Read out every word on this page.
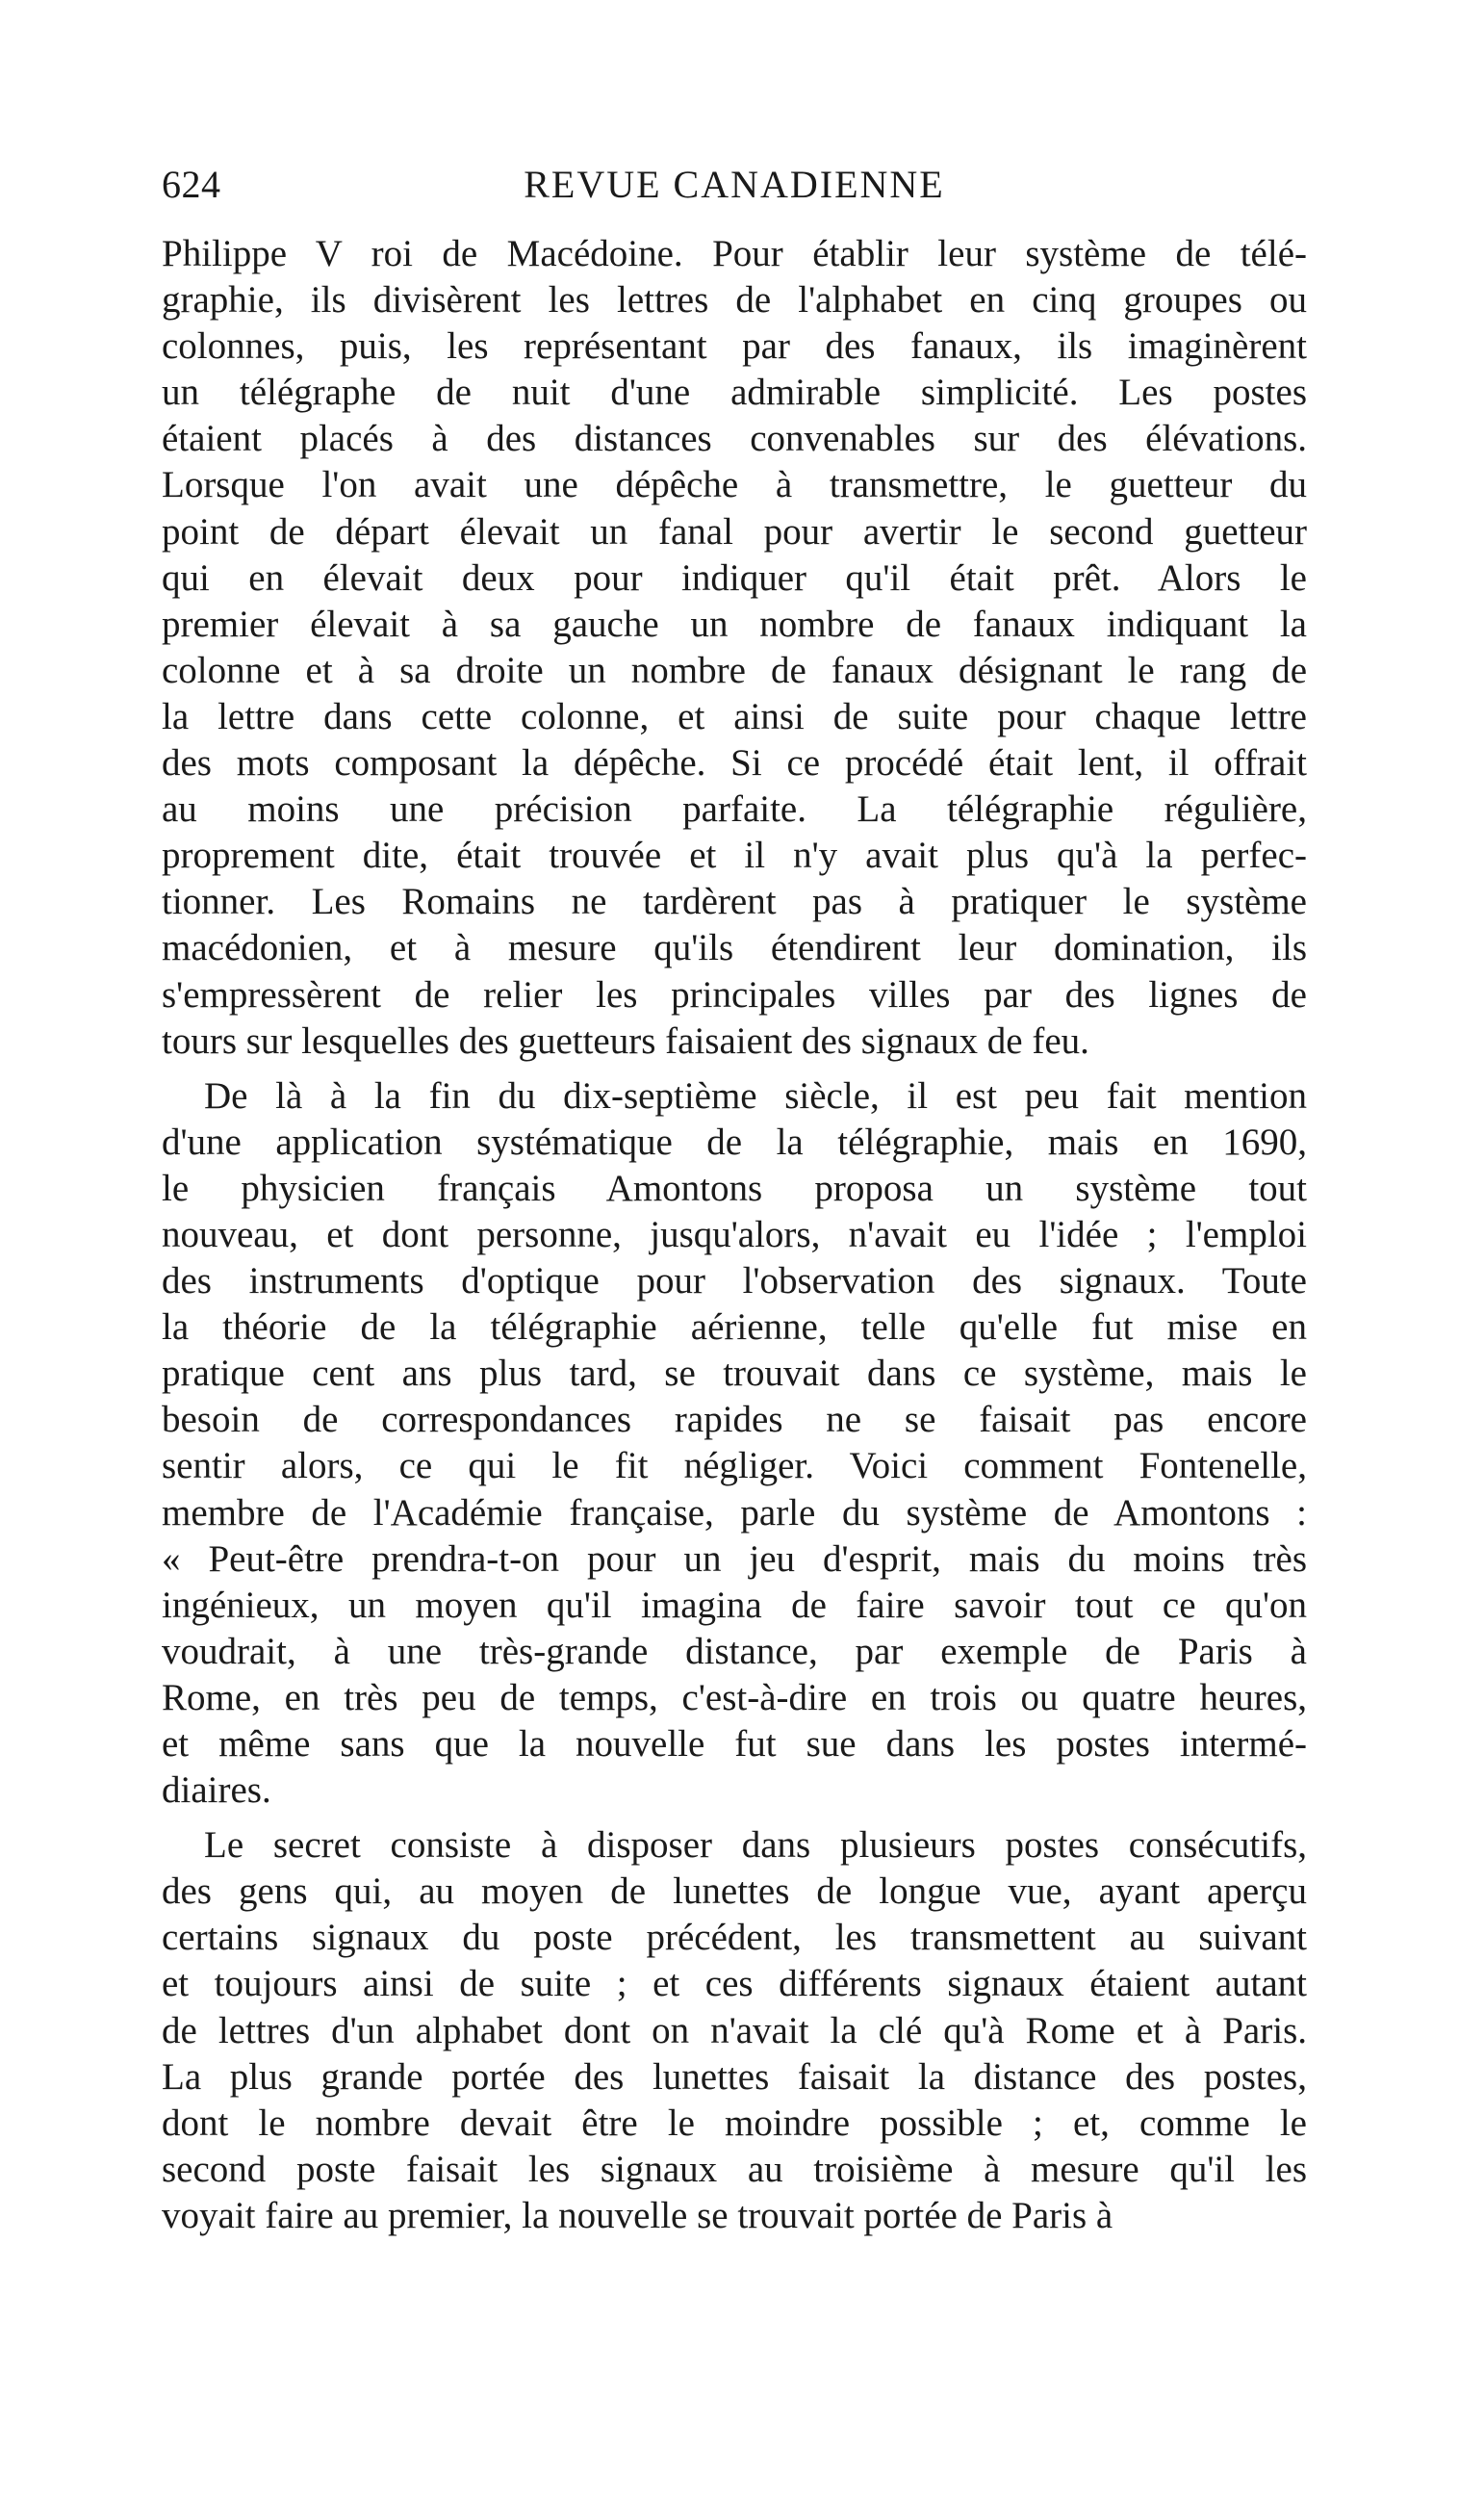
624	REVUE CANADIENNE
Philippe V roi de Macédoine. Pour établir leur système de télé-
graphie, ils divisèrent les lettres de l'alphabet en cinq groupes ou
colonnes, puis, les représentant par des fanaux, ils imaginèrent
un télégraphe de nuit d'une admirable simplicité. Les postes
étaient placés à des distances convenables sur des élévations.
Lorsque l'on avait une dépêche à transmettre, le guetteur du
point de départ élevait un fanal pour avertir le second guetteur
qui en élevait deux pour indiquer qu'il était prêt. Alors le
premier élevait à sa gauche un nombre de fanaux indiquant la
colonne et à sa droite un nombre de fanaux désignant le rang de
la lettre dans cette colonne, et ainsi de suite pour chaque lettre
des mots composant la dépêche. Si ce procédé était lent, il offrait
au moins une précision parfaite. La télégraphie régulière,
proprement dite, était trouvée et il n'y avait plus qu'à la perfec-
tionner. Les Romains ne tardèrent pas à pratiquer le système
macédonien, et à mesure qu'ils étendirent leur domination, ils
s'empressèrent de relier les principales villes par des lignes de
tours sur lesquelles des guetteurs faisaient des signaux de feu.
De là à la fin du dix-septième siècle, il est peu fait mention
d'une application systématique de la télégraphie, mais en 1690,
le physicien français Amontons proposa un système tout
nouveau, et dont personne, jusqu'alors, n'avait eu l'idée ; l'emploi
des instruments d'optique pour l'observation des signaux. Toute
la théorie de la télégraphie aérienne, telle qu'elle fut mise en
pratique cent ans plus tard, se trouvait dans ce système, mais le
besoin de correspondances rapides ne se faisait pas encore
sentir alors, ce qui le fit négliger. Voici comment Fontenelle,
membre de l'Académie française, parle du système de Amontons :
« Peut-être prendra-t-on pour un jeu d'esprit, mais du moins très
ingénieux, un moyen qu'il imagina de faire savoir tout ce qu'on
voudrait, à une très-grande distance, par exemple de Paris à
Rome, en très peu de temps, c'est-à-dire en trois ou quatre heures,
et même sans que la nouvelle fut sue dans les postes intermé-
diaires.
Le secret consiste à disposer dans plusieurs postes consécutifs,
des gens qui, au moyen de lunettes de longue vue, ayant aperçu
certains signaux du poste précédent, les transmettent au suivant
et toujours ainsi de suite ; et ces différents signaux étaient autant
de lettres d'un alphabet dont on n'avait la clé qu'à Rome et à Paris.
La plus grande portée des lunettes faisait la distance des postes,
dont le nombre devait être le moindre possible ; et, comme le
second poste faisait les signaux au troisième à mesure qu'il les
voyait faire au premier, la nouvelle se trouvait portée de Paris à
